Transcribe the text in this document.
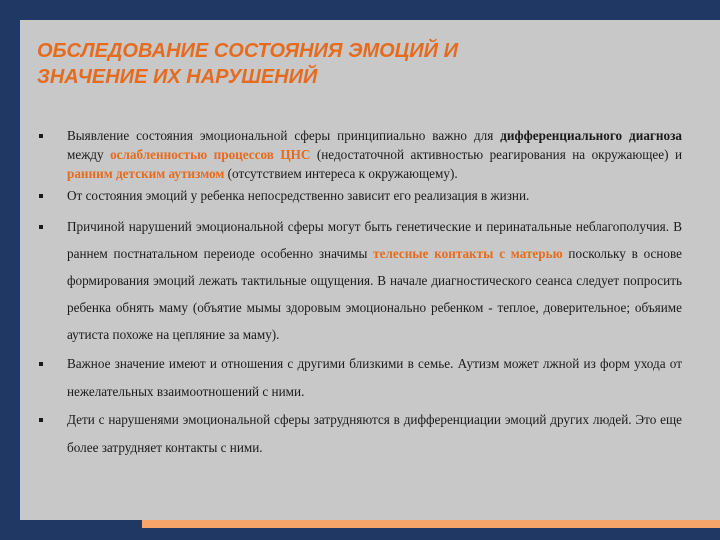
ОБСЛЕДОВАНИЕ СОСТОЯНИЯ ЭМОЦИЙ И
ЗНАЧЕНИЕ ИХ НАРУШЕНИЙ
Выявление состояния эмоциональной сферы принципиально важно для дифференциального диагноза между ослабленностью процессов ЦНС (недостаточной активностью реагирования на окружающее) и ранним детским аутизмом (отсутствием интереса к окружающему).
От состояния эмоций у ребенка непосредственно зависит его реализация в жизни.
Причиной нарушений эмоциональной сферы могут быть генетические и перинатальные неблагополучия. В раннем постнатальном переиоде особенно значимы телесные контакты с матерью поскольку в основе формирования эмоций лежать тактильные ощущения. В начале диагностического сеанса следует попросить ребенка обнять маму (объятие мымы здоровым эмоционально ребенком - теплое, доверительное; объяиме аутиста похоже на цепляние за маму).
Важное значение имеют и отношения с другими близкими в семье. Аутизм может лжной из форм ухода от нежелательных взаимоотношений с ними.
Дети с нарушенями эмоциональной сферы затрудняются в дифференциации эмоций других людей. Это еще более затрудняет контакты с ними.
